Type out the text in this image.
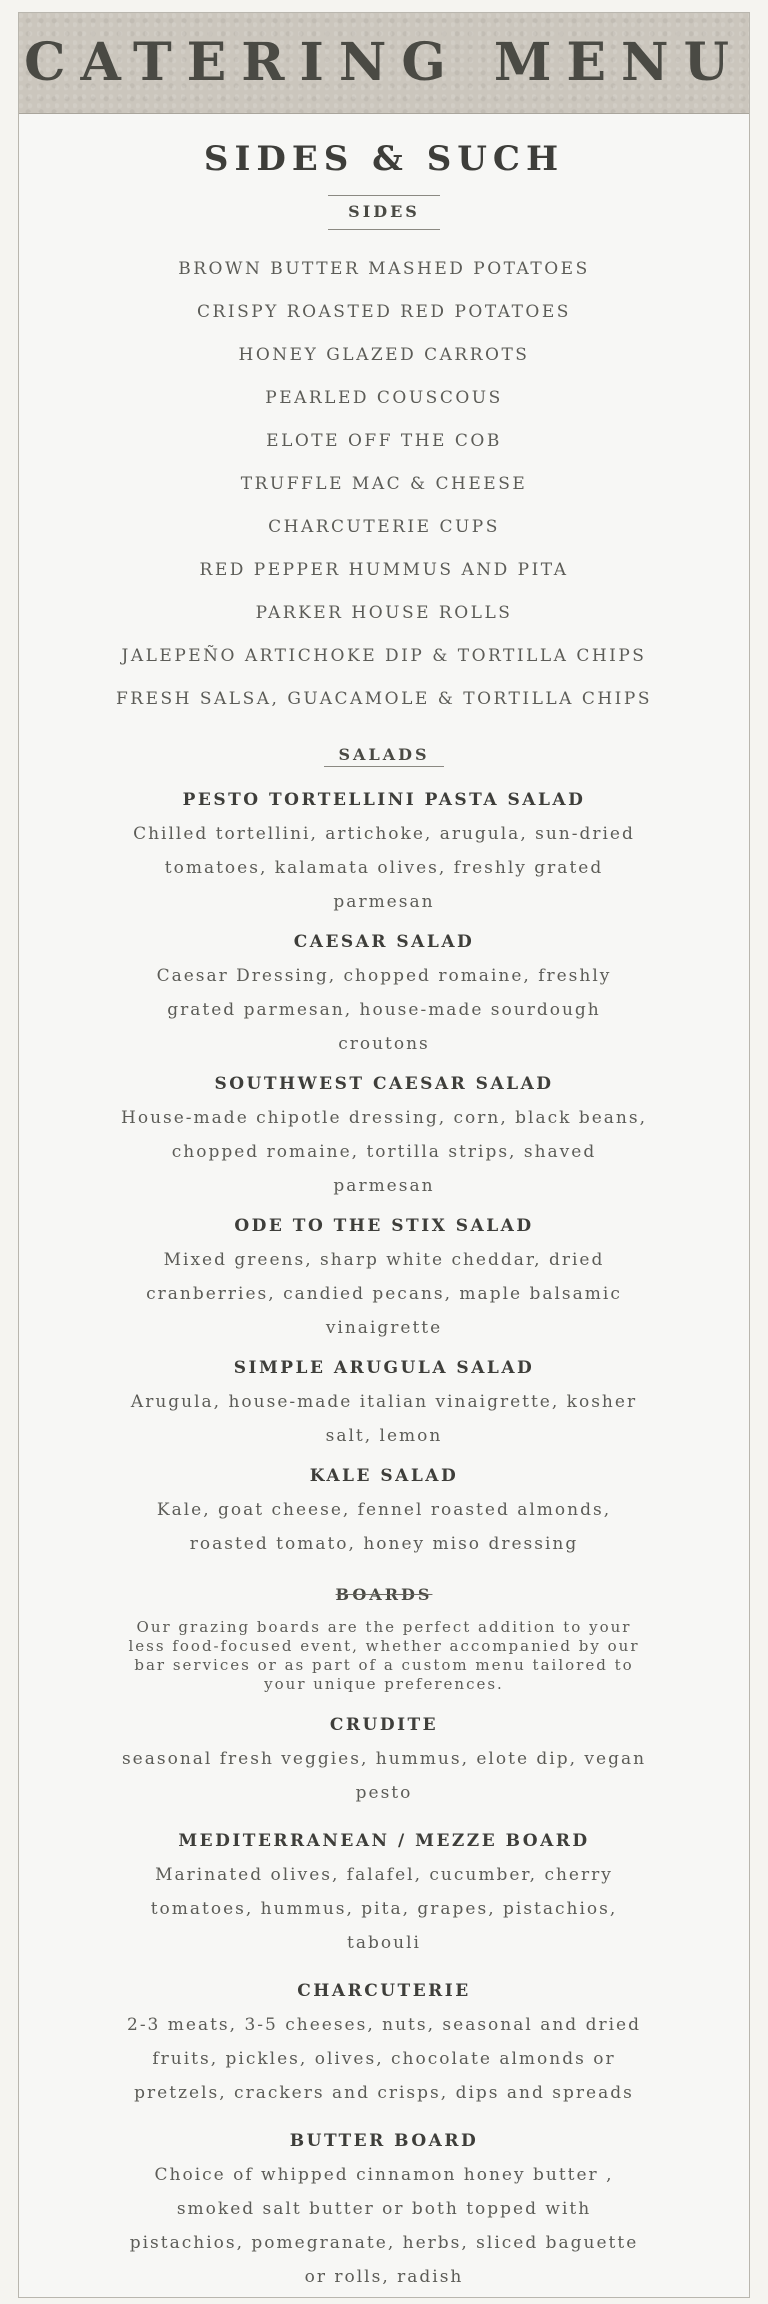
CATERING MENU
SIDES & SUCH
SIDES
BROWN BUTTER MASHED POTATOES
CRISPY ROASTED RED POTATOES
HONEY GLAZED CARROTS
PEARLED COUSCOUS
ELOTE OFF THE COB
TRUFFLE MAC & CHEESE
CHARCUTERIE CUPS
RED PEPPER HUMMUS AND PITA
PARKER HOUSE ROLLS
JALEPEÑO ARTICHOKE DIP & TORTILLA CHIPS
FRESH SALSA, GUACAMOLE & TORTILLA CHIPS
SALADS
PESTO TORTELLINI PASTA SALAD
Chilled tortellini, artichoke, arugula, sun-dried tomatoes, kalamata olives, freshly grated parmesan
CAESAR SALAD
Caesar Dressing, chopped romaine, freshly grated parmesan, house-made sourdough croutons
SOUTHWEST CAESAR SALAD
House-made chipotle dressing, corn, black beans, chopped romaine, tortilla strips, shaved parmesan
ODE TO THE STIX SALAD
Mixed greens, sharp white cheddar, dried cranberries, candied pecans, maple balsamic vinaigrette
SIMPLE ARUGULA SALAD
Arugula, house-made italian vinaigrette, kosher salt, lemon
KALE SALAD
Kale, goat cheese, fennel roasted almonds, roasted tomato, honey miso dressing
BOARDS
Our grazing boards are the perfect addition to your less food-focused event, whether accompanied by our bar services or as part of a custom menu tailored to your unique preferences.
CRUDITE
seasonal fresh veggies, hummus, elote dip, vegan pesto
MEDITERRANEAN / MEZZE BOARD
Marinated olives, falafel, cucumber, cherry tomatoes, hummus, pita, grapes, pistachios, tabouli
CHARCUTERIE
2-3 meats, 3-5 cheeses, nuts, seasonal and dried fruits, pickles, olives, chocolate almonds or pretzels, crackers and crisps, dips and spreads
BUTTER BOARD
Choice of whipped cinnamon honey butter , smoked salt butter or both topped with pistachios, pomegranate, herbs, sliced baguette or rolls, radish
